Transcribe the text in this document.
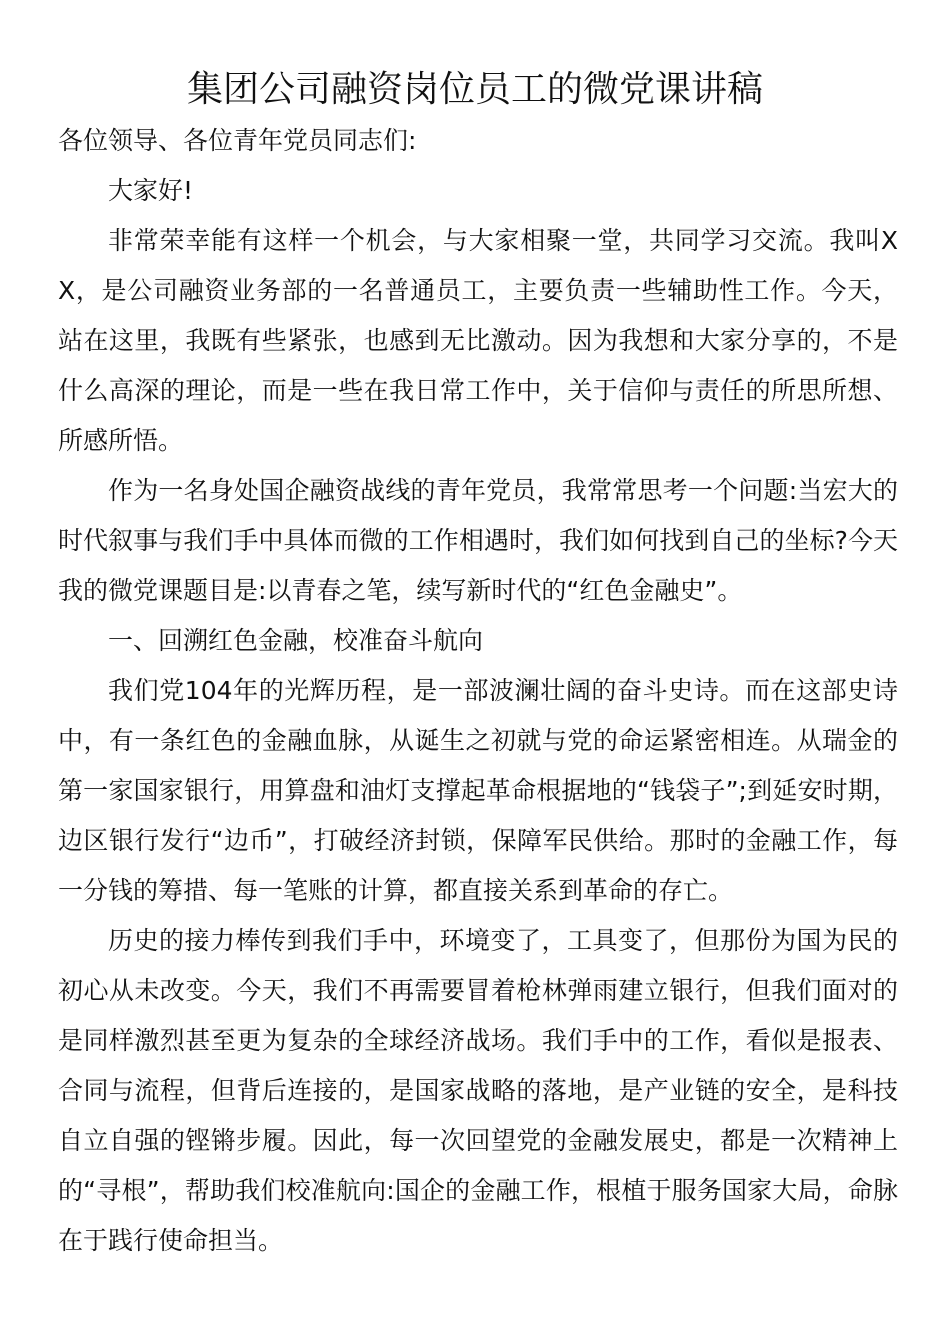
集团公司融资岗位员工的微党课讲稿

各位领导、各位青年党员同志们:

大家好!

非常荣幸能有这样一个机会，与大家相聚一堂，共同学习交流。我叫XX，是公司融资业务部的一名普通员工，主要负责一些辅助性工作。今天，站在这里，我既有些紧张，也感到无比激动。因为我想和大家分享的，不是什么高深的理论，而是一些在我日常工作中，关于信仰与责任的所思所想、所感所悟。

作为一名身处国企融资战线的青年党员，我常常思考一个问题:当宏大的时代叙事与我们手中具体而微的工作相遇时，我们如何找到自己的坐标?今天我的微党课题目是:以青春之笔，续写新时代的“红色金融史”。

一、回溯红色金融，校准奋斗航向

我们党104年的光辉历程，是一部波澜壮阔的奋斗史诗。而在这部史诗中，有一条红色的金融血脉，从诞生之初就与党的命运紧密相连。从瑞金的第一家国家银行，用算盘和油灯支撑起革命根据地的“钱袋子”;到延安时期，边区银行发行“边币”，打破经济封锁，保障军民供给。那时的金融工作，每一分钱的筹措、每一笔账的计算，都直接关系到革命的存亡。

历史的接力棒传到我们手中，环境变了，工具变了，但那份为国为民的初心从未改变。今天，我们不再需要冒着枪林弹雨建立银行，但我们面对的是同样激烈甚至更为复杂的全球经济战场。我们手中的工作，看似是报表、合同与流程，但背后连接的，是国家战略的落地，是产业链的安全，是科技自立自强的铿锵步履。因此，每一次回望党的金融发展史，都是一次精神上的“寻根”，帮助我们校准航向:国企的金融工作，根植于服务国家大局，命脉在于践行使命担当。
